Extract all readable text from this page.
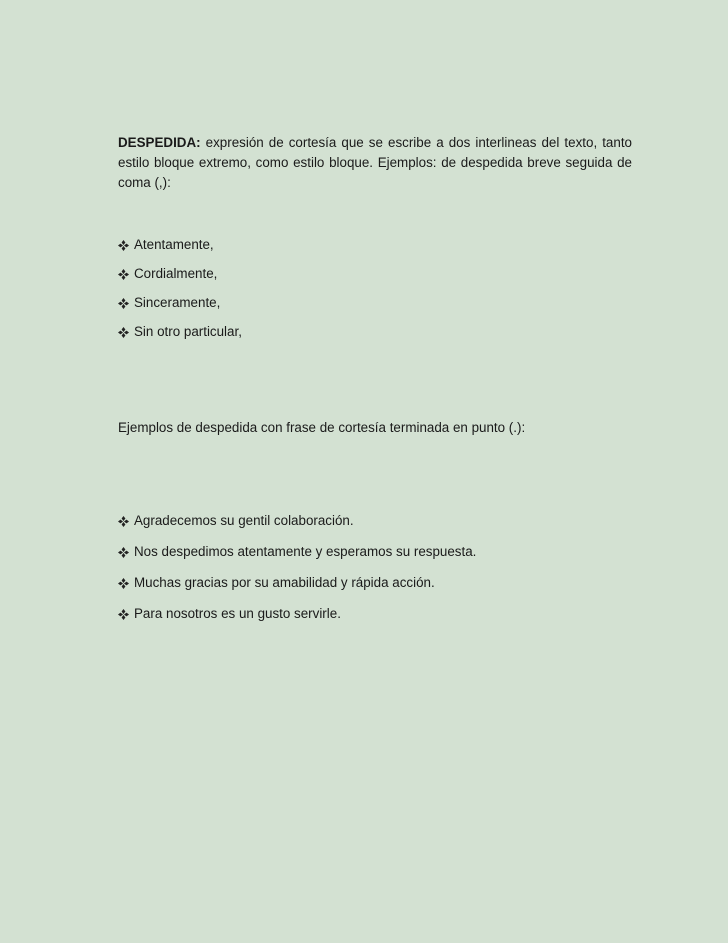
DESPEDIDA: expresión de cortesía que se escribe a dos interlineas del texto, tanto estilo bloque extremo, como estilo bloque. Ejemplos: de despedida breve seguida de coma (,):

Atentamente,
Cordialmente,
Sinceramente,
Sin otro particular,

Ejemplos de despedida con frase de cortesía terminada en punto (.):

Agradecemos su gentil colaboración.
Nos despedimos atentamente y esperamos su respuesta.
Muchas gracias por su amabilidad y rápida acción.
Para nosotros es un gusto servirle.
